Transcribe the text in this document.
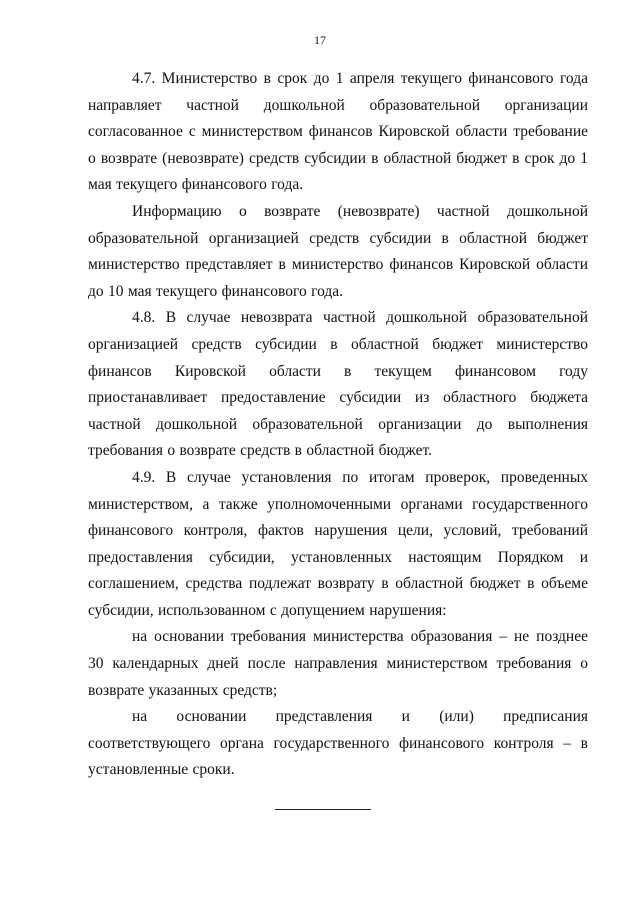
17

4.7. Министерство в срок до 1 апреля текущего финансового года направляет частной дошкольной образовательной организации согласованное с министерством финансов Кировской области требование о возврате (невозврате) средств субсидии в областной бюджет в срок до 1 мая текущего финансового года.

Информацию о возврате (невозврате) частной дошкольной образовательной организацией средств субсидии в областной бюджет министерство представляет в министерство финансов Кировской области до 10 мая текущего финансового года.

4.8. В случае невозврата частной дошкольной образовательной организацией средств субсидии в областной бюджет министерство финансов Кировской области в текущем финансовом году приостанавливает предоставление субсидии из областного бюджета частной дошкольной образовательной организации до выполнения требования о возврате средств в областной бюджет.

4.9. В случае установления по итогам проверок, проведенных министерством, а также уполномоченными органами государственного финансового контроля, фактов нарушения цели, условий, требований предоставления субсидии, установленных настоящим Порядком и соглашением, средства подлежат возврату в областной бюджет в объеме субсидии, использованном с допущением нарушения:

на основании требования министерства образования – не позднее 30 календарных дней после направления министерством требования о возврате указанных средств;

на основании представления и (или) предписания соответствующего органа государственного финансового контроля – в установленные сроки.
